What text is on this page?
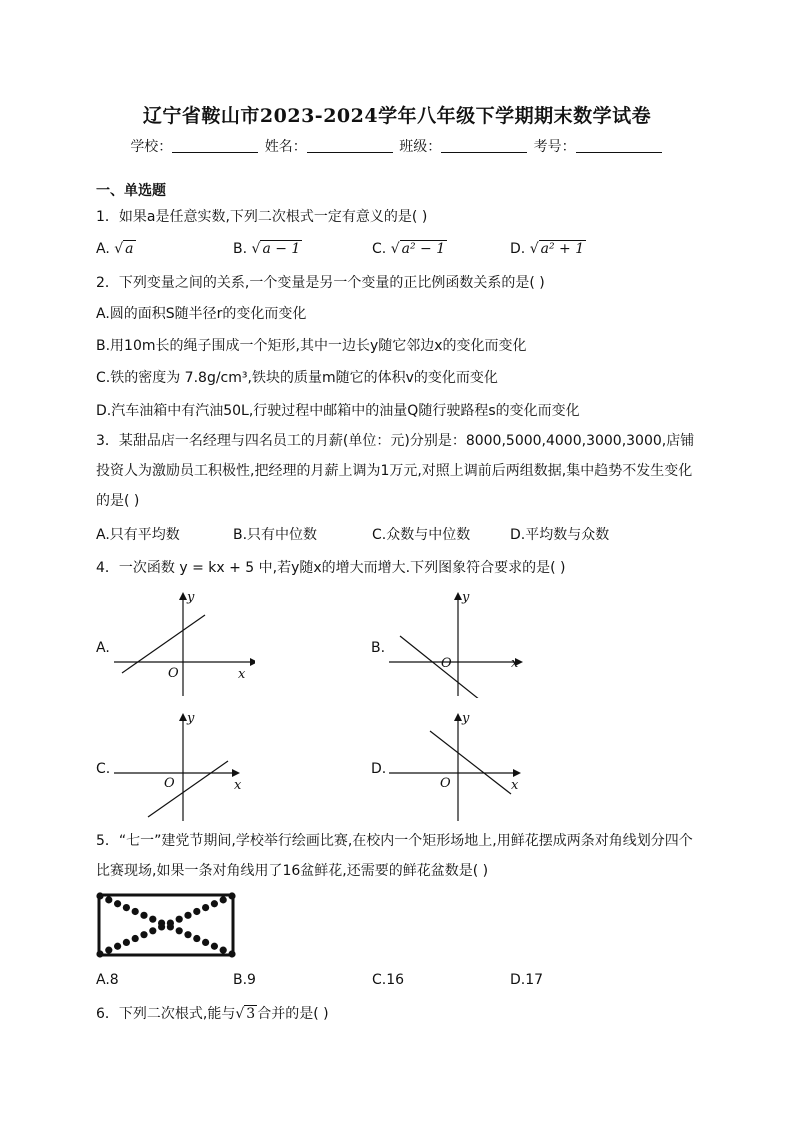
辽宁省鞍山市2023-2024学年八年级下学期期末数学试卷
学校：	姓名：	班级：	考号：
一、单选题
1．如果a是任意实数,下列二次根式一定有意义的是( )
A. √ a	B. √ a − 1	C. √ a² − 1	D. √ a² + 1
2．下列变量之间的关系,一个变量是另一个变量的正比例函数关系的是( )
A.圆的面积S随半径r的变化而变化
B.用10m长的绳子围成一个矩形,其中一边长y随它邻边x的变化而变化
C.铁的密度为 7.8g/cm³,铁块的质量m随它的体积v的变化而变化
D.汽车油箱中有汽油50L,行驶过程中邮箱中的油量Q随行驶路程s的变化而变化
3．某甜品店一名经理与四名员工的月薪(单位：元)分别是：8000,5000,4000,3000,3000,店铺投资人为激励员工积极性,把经理的月薪上调为1万元,对照上调前后两组数据,集中趋势不发生变化的是( )
A.只有平均数	B.只有中位数	C.众数与中位数	D.平均数与众数
4．一次函数 y = kx + 5 中,若y随x的增大而增大.下列图象符合要求的是( )
A.
x
y
O
B.
x
y
O
C.
x
y
O
D.
x
y
O
5．“七一”建党节期间,学校举行绘画比赛,在校内一个矩形场地上,用鲜花摆成两条对角线划分四个比赛现场,如果一条对角线用了16盆鲜花,还需要的鲜花盆数是( )
A.8	B.9	C.16	D.17
6．下列二次根式,能与√ 3 合并的是( )
